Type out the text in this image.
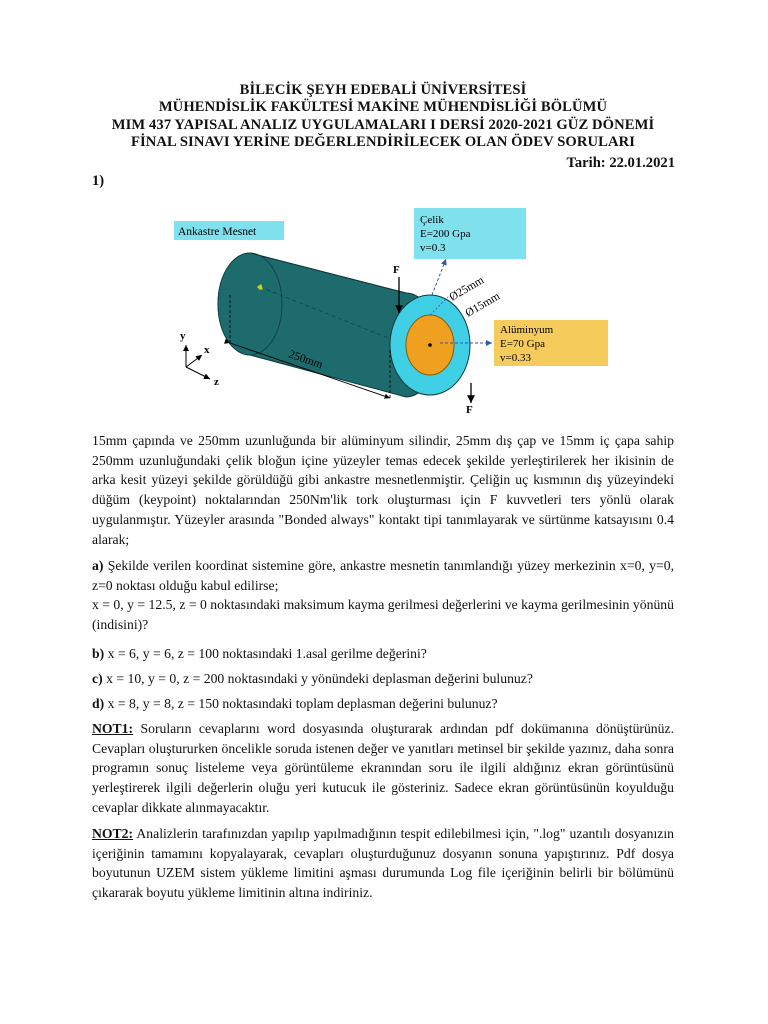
BİLECİK ŞEYH EDEBALİ ÜNİVERSİTESİ
MÜHENDİSLİK FAKÜLTESİ MAKİNE MÜHENDİSLİĞİ BÖLÜMÜ
MIM 437 YAPISAL ANALIZ UYGULAMALARI I DERSİ 2020-2021 GÜZ DÖNEMİ
FİNAL SINAVI YERİNE DEĞERLENDİRİLECEK OLAN ÖDEV SORULARI
Tarih: 22.01.2021
1)
Ankastre Mesnet
Çelik
E=200 Gpa
v=0.3
Alüminyum
E=70 Gpa
v=0.33
Ø25mm
Ø15mm
F
F
250mm
y
x
z

15mm çapında ve 250mm uzunluğunda bir alüminyum silindir, 25mm dış çap ve 15mm iç çapa sahip 250mm uzunluğundaki çelik bloğun içine yüzeyler temas edecek şekilde yerleştirilerek her ikisinin de arka kesit yüzeyi şekilde görüldüğü gibi ankastre mesnetlenmiştir. Çeliğin uç kısmının dış yüzeyindeki düğüm (keypoint) noktalarından 250Nm'lik tork oluşturması için F kuvvetleri ters yönlü olarak uygulanmıştır. Yüzeyler arasında "Bonded always" kontakt tipi tanımlayarak ve sürtünme katsayısını 0.4 alarak;

a) Şekilde verilen koordinat sistemine göre, ankastre mesnetin tanımlandığı yüzey merkezinin x=0, y=0, z=0 noktası olduğu kabul edilirse;

x = 0, y = 12.5, z = 0 noktasındaki maksimum kayma gerilmesi değerlerini ve kayma gerilmesinin yönünü (indisini)?

b) x = 6, y = 6, z = 100 noktasındaki 1.asal gerilme değerini?

c) x = 10, y = 0, z = 200 noktasındaki y yönündeki deplasman değerini bulunuz?

d) x = 8, y = 8, z = 150 noktasındaki toplam deplasman değerini bulunuz?

NOT1: Soruların cevaplarını word dosyasında oluşturarak ardından pdf dokümanına dönüştürünüz. Cevapları oluştururken öncelikle soruda istenen değer ve yanıtları metinsel bir şekilde yazınız, daha sonra programın sonuç listeleme veya görüntüleme ekranından soru ile ilgili aldığınız ekran görüntüsünü yerleştirerek ilgili değerlerin oluğu yeri kutucuk ile gösteriniz. Sadece ekran görüntüsünün koyulduğu cevaplar dikkate alınmayacaktır.

NOT2: Analizlerin tarafınızdan yapılıp yapılmadığının tespit edilebilmesi için, ".log" uzantılı dosyanızın içeriğinin tamamını kopyalayarak, cevapları oluşturduğunuz dosyanın sonuna yapıştırınız. Pdf dosya boyutunun UZEM sistem yükleme limitini aşması durumunda Log file içeriğinin belirli bir bölümünü çıkararak boyutu yükleme limitinin altına indiriniz.
